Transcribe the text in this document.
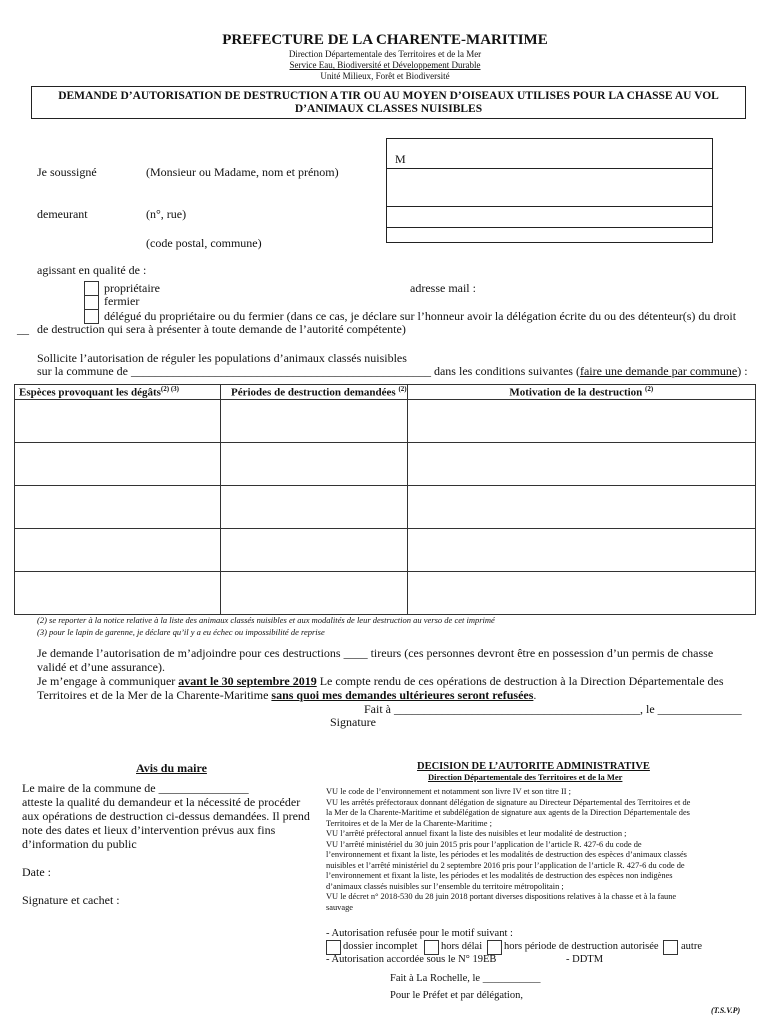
PREFECTURE DE LA CHARENTE-MARITIME
Direction Départementale des Territoires et de la Mer
Service Eau, Biodiversité et Développement Durable
Unité Milieux, Forêt et Biodiversité
DEMANDE D’AUTORISATION DE DESTRUCTION A TIR OU AU MOYEN D’OISEAUX UTILISES POUR LA CHASSE AU VOL
D’ANIMAUX CLASSES NUISIBLES
M
Je soussigné	(Monsieur ou Madame, nom et prénom)
demeurant	(n°, rue)
(code postal, commune)
agissant en qualité de :
propriétaire	adresse mail :
fermier
délégué du propriétaire ou du fermier (dans ce cas, je déclare sur l’honneur avoir la délégation écrite du ou des détenteur(s) du droit
__ de destruction qui sera à présenter à toute demande de l’autorité compétente)
Sollicite l’autorisation de réguler les populations d’animaux classés nuisibles
sur la commune de __________________________________________________ dans les conditions suivantes (faire une demande par commune) :
Espèces provoquant les dégâts$^{(2) (3)}$	Périodes de destruction demandées $^{(2)}$	Motivation de la destruction $^{(2)}$

(2) se reporter à la notice relative à la liste des animaux classés nuisibles et aux modalités de leur destruction au verso de cet imprimé
(3) pour le lapin de garenne, je déclare qu’il y a eu échec ou impossibilité de reprise
Je demande l’autorisation de m’adjoindre pour ces destructions ____ tireurs (ces personnes devront être en possession d’un permis de chasse
validé et d’une assurance).
Je m’engage à communiquer avant le 30 septembre 2019 Le compte rendu de ces opérations de destruction à la Direction Départementale des
Territoires et de la Mer de la Charente-Maritime sans quoi mes demandes ultérieures seront refusées.
Fait à _________________________________________, le ______________
Signature
Avis du maire
Le maire de la commune de _______________
atteste la qualité du demandeur et la nécessité de procéder
aux opérations de destruction ci-dessus demandées. Il prend
note des dates et lieux d’intervention prévus aux fins
d’information du public
Date :
Signature et cachet :
DECISION DE L’AUTORITE ADMINISTRATIVE
Direction Départementale des Territoires et de la Mer
VU le code de l’environnement et notamment son livre IV et son titre II ;
VU les arrêtés préfectoraux donnant délégation de signature au Directeur Départemental des Territoires et de
la Mer de la Charente-Maritime et subdélégation de signature aux agents de la Direction Départementale des
Territoires et de la Mer de la Charente-Maritime ;
VU l’arrêté préfectoral annuel fixant la liste des nuisibles et leur modalité de destruction ;
VU l’arrêté ministériel du 30 juin 2015 pris pour l’application de l’article R. 427-6 du code de
l’environnement et fixant la liste, les périodes et les modalités de destruction des espèces d’animaux classés
nuisibles et l’arrêté ministériel du 2 septembre 2016 pris pour l’application de l’article R. 427-6 du code de
l’environnement et fixant la liste, les périodes et les modalités de destruction des espèces non indigènes
d’animaux classés nuisibles sur l’ensemble du territoire métropolitain ;
VU le décret n° 2018-530 du 28 juin 2018 portant diverses dispositions relatives à la chasse et à la faune
sauvage
- Autorisation refusée pour le motif suivant :
dossier incomplet hors délai hors période de destruction autorisée autre
- Autorisation accordée sous le N° 19EB	- DDTM
Fait à La Rochelle, le ___________
Pour le Préfet et par délégation,
(T.S.V.P)
